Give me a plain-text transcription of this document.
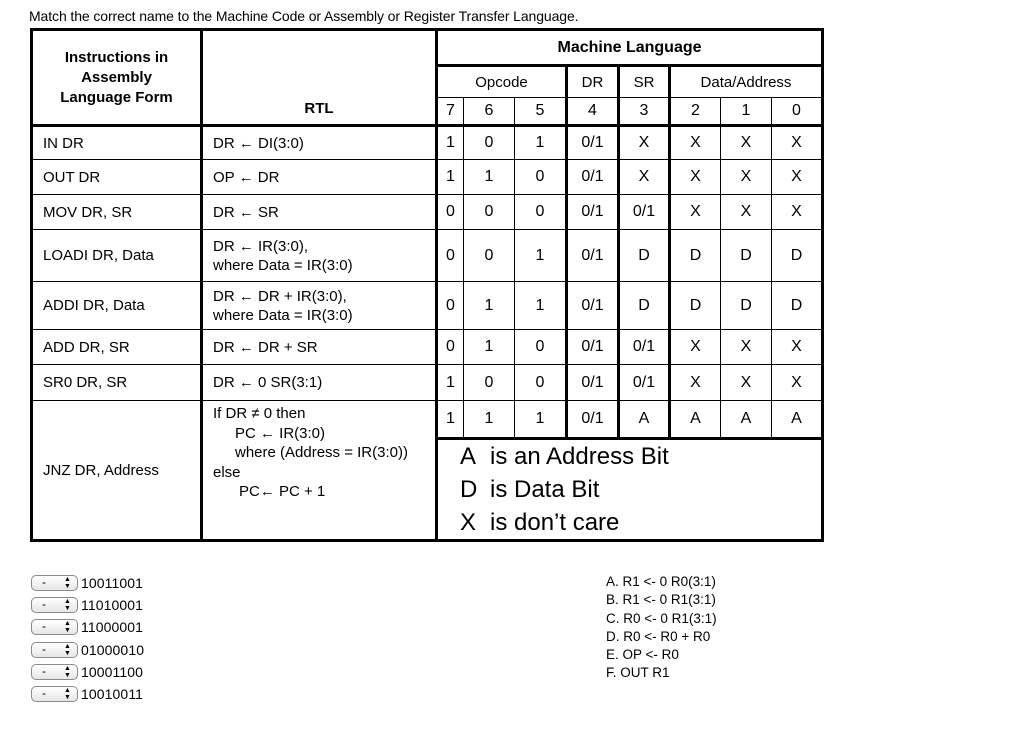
Match the correct name to the Machine Code or Assembly or Register Transfer Language.
Instructions in
Assembly
Language Form	RTL	Machine Language							
		Opcode			DR	SR	Data/Address		
		7	6	5	4	3	2	1	0
IN DR	DR ← DI(3:0)	1	0	1	0/1	X	X	X	X
OUT DR	OP ← DR	1	1	0	0/1	X	X	X	X
MOV DR, SR	DR ← SR	0	0	0	0/1	0/1	X	X	X
LOADI DR, Data	DR ← IR(3:0),
where Data = IR(3:0)	0	0	1	0/1	D	D	D	D
ADDI DR, Data	DR ← DR + IR(3:0),
where Data = IR(3:0)	0	1	1	0/1	D	D	D	D
ADD DR, SR	DR ← DR + SR	0	1	0	0/1	0/1	X	X	X
SR0 DR, SR	DR ← 0 SR(3:1)	1	0	0	0/1	0/1	X	X	X
JNZ DR, Address	If DR ≠ 0 then
PC ← IR(3:0)
where (Address = IR(3:0))
else
PC← PC + 1	1	1	1	0/1	A	A	A	A

		A is an Address Bit
D is Data Bit
X is don’t care							
-	▲
▼ 10011001
-	▲
▼ 11010001
-	▲
▼ 11000001
-	▲
▼ 01000010
-	▲
▼ 10001100
-	▲
▼ 10010011
A. R1 <- 0 R0(3:1)
B. R1 <- 0 R1(3:1)
C. R0 <- 0 R1(3:1)
D. R0 <- R0 + R0
E. OP <- R0
F. OUT R1
